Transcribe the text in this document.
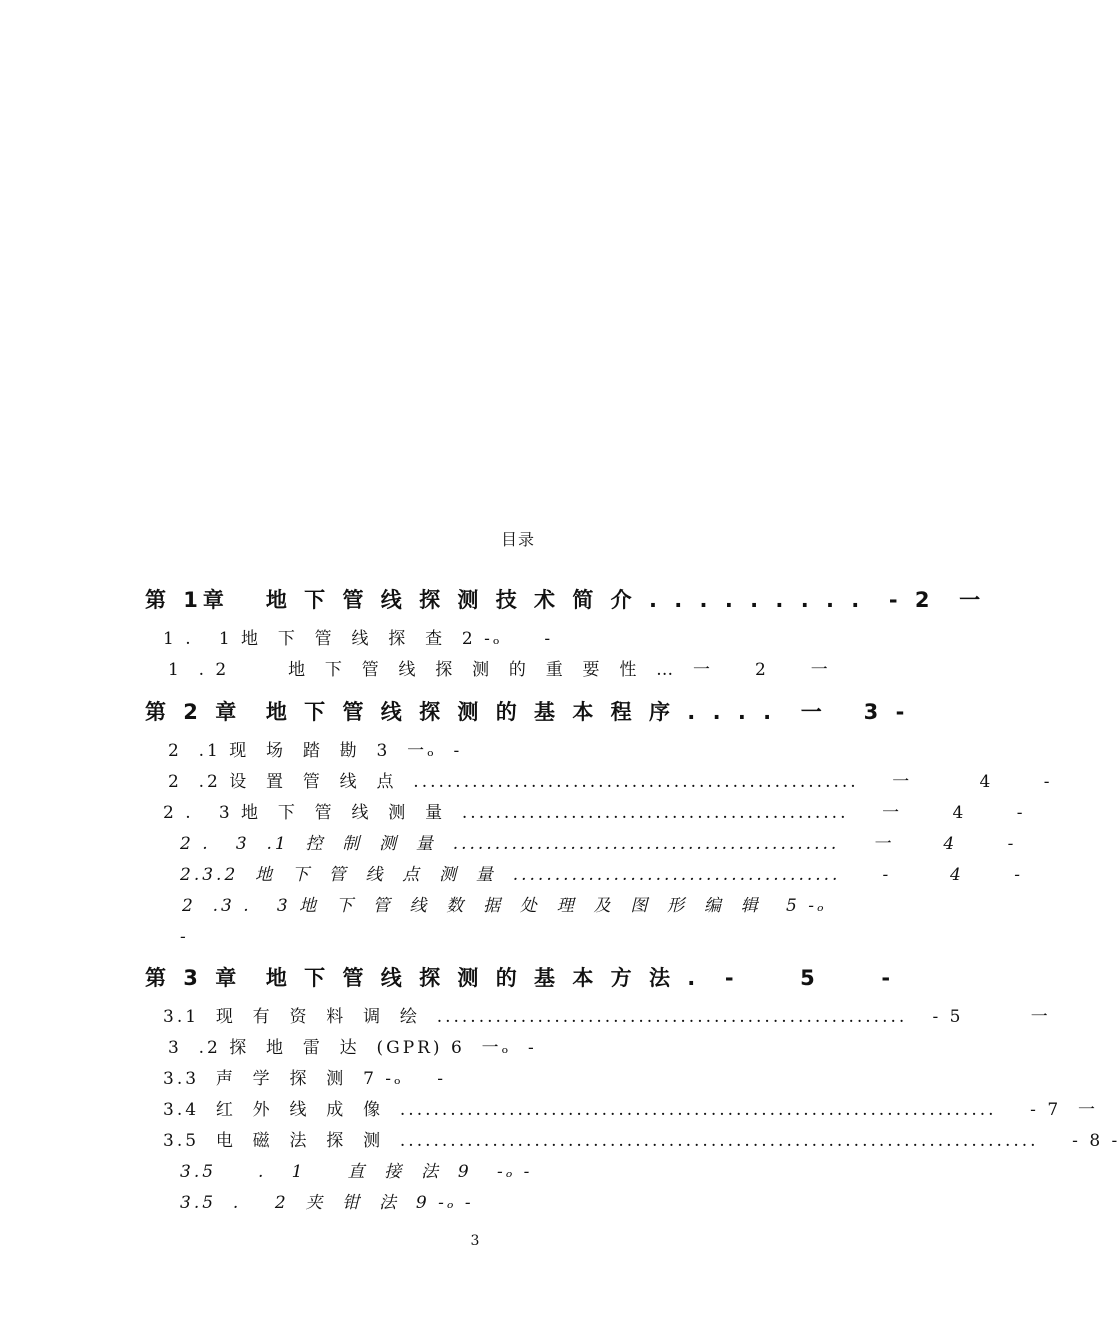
目录
第 1章   地 下 管 线 探 测 技 术 简 介 . . . . . . . . .  - 2  一
1 .   1 地  下  管  线  探  查  2 -ₒ     -
1  . 2       地  下  管  线  探  测  的  重  要  性  …  一     2     一
第 2 章  地 下 管 线 探 测 的 基 本 程 序 . . . .  一   3 -
2  .1 现  场  踏  勘  3  一ₒ  -
2  .2 设  置  管  线  点  .....................................................    一        4      -
2 .   3 地  下  管  线  测  量  ..............................................    一      4      -
2 .   3  .1  控  制  测  量  ..............................................    一      4      -
2.3.2  地  下  管  线  点  测  量  .......................................     -       4      -
2  .3 .   3 地  下  管  线  数  据  处  理  及  图  形  编  辑   5 -ₒ
-
第 3 章  地 下 管 线 探 测 的 基 本 方 法 .  -     5     -
3.1  现  有  资  料  调  绘  ........................................................   - 5        一
3  .2 探  地  雷  达  (GPR) 6  一ₒ  -
3.3  声  学  探  测  7 -ₒ    -
3.4  红  外  线  成  像  .......................................................................    - 7  一
3.5  电  磁  法  探  测  ............................................................................    - 8 -
3.5     .   1     直  接  法  9   -ₒ -
3.5  .    2  夹  钳  法  9 -ₒ -
3
